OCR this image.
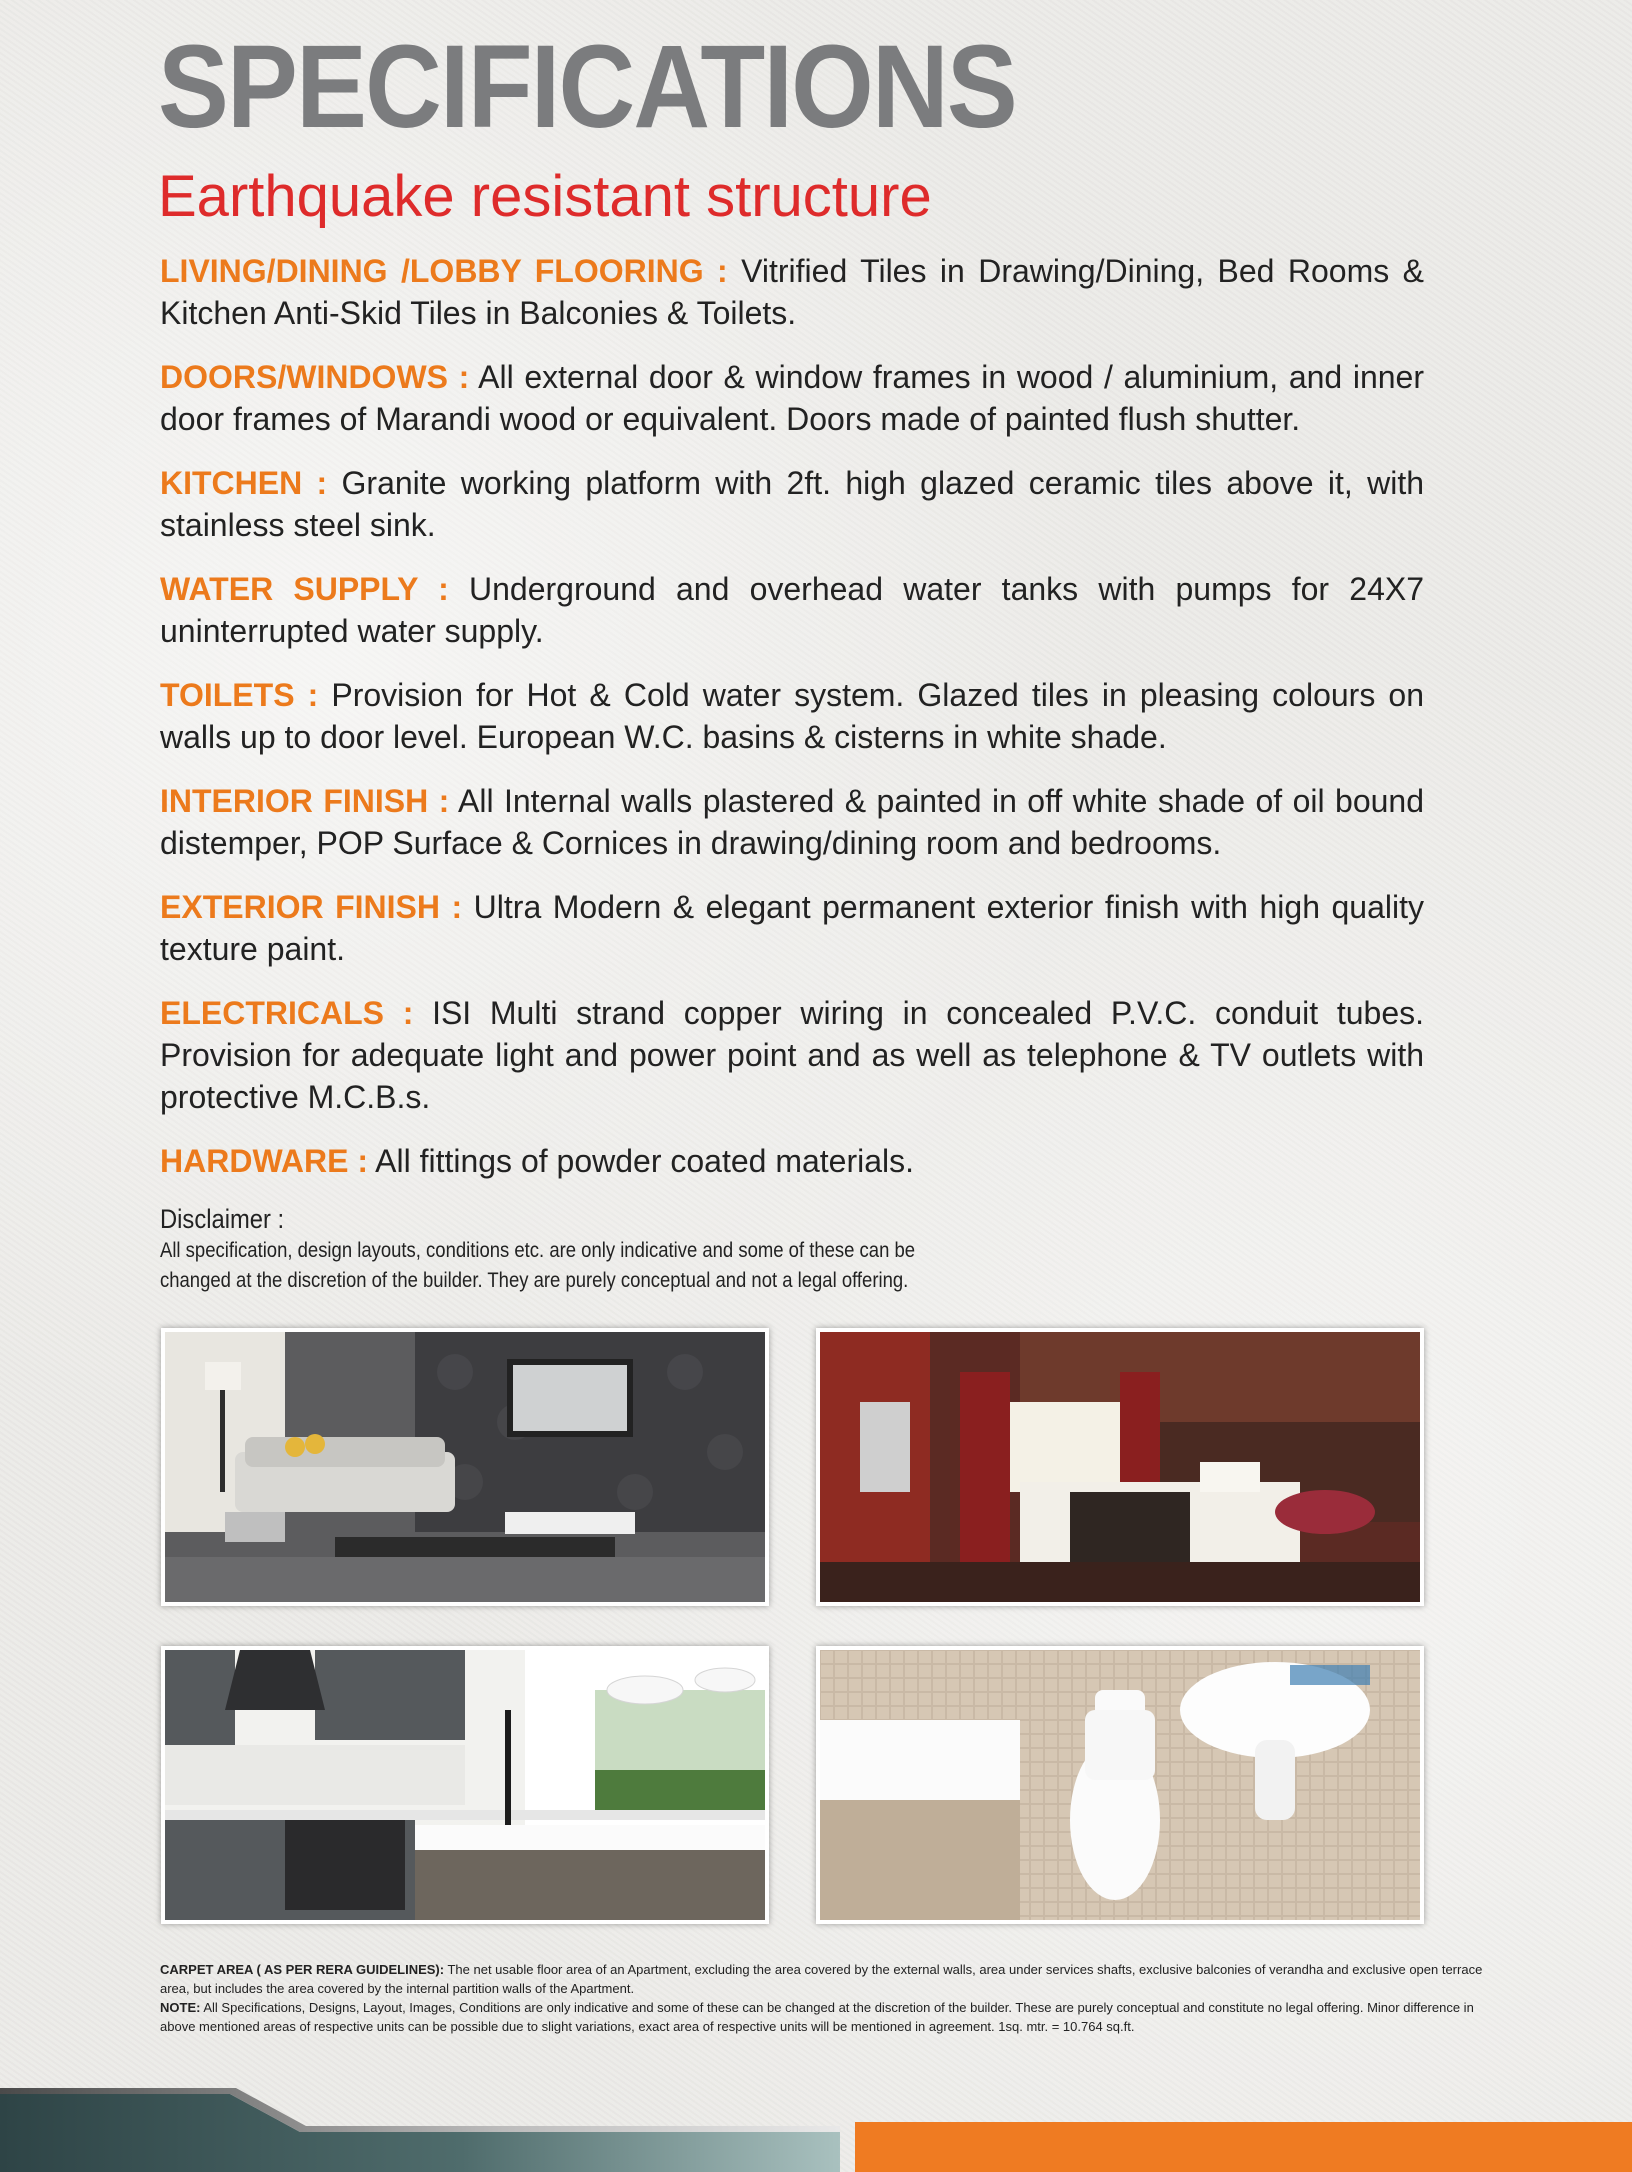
SPECIFICATIONS
Earthquake resistant structure

LIVING/DINING /LOBBY FLOORING : Vitrified Tiles in Drawing/Dining, Bed Rooms & Kitchen Anti-Skid Tiles in Balconies & Toilets.

DOORS/WINDOWS : All external door & window frames in wood / aluminium, and inner door frames of Marandi wood or equivalent. Doors made of painted flush shutter.

KITCHEN : Granite working platform with 2ft. high glazed ceramic tiles above it, with stainless steel sink.

WATER SUPPLY : Underground and overhead water tanks with pumps for 24X7 uninterrupted water supply.

TOILETS : Provision for Hot & Cold water system. Glazed tiles in pleasing colours on walls up to door level. European W.C. basins & cisterns in white shade.

INTERIOR FINISH : All Internal walls plastered & painted in off white shade of oil bound distemper, POP Surface & Cornices in drawing/dining room and bedrooms.

EXTERIOR FINISH : Ultra Modern & elegant permanent exterior finish with high quality texture paint.

ELECTRICALS : ISI Multi strand copper wiring in concealed P.V.C. conduit tubes. Provision for adequate light and power point and as well as telephone & TV outlets with protective M.C.B.s.

HARDWARE : All fittings of powder coated materials.

Disclaimer :
All specification, design layouts, conditions etc. are only indicative and some of these can be
changed at the discretion of the builder. They are purely conceptual and not a legal offering.
CARPET AREA ( AS PER RERA GUIDELINES): The net usable floor area of an Apartment, excluding the area covered by the external walls, area under services shafts, exclusive balconies of verandha and exclusive open terrace area, but includes the area covered by the internal partition walls of the Apartment.
NOTE: All Specifications, Designs, Layout, Images, Conditions are only indicative and some of these can be changed at the discretion of the builder. These are purely conceptual and constitute no legal offering. Minor difference in above mentioned areas of respective units can be possible due to slight variations, exact area of respective units will be mentioned in agreement. 1sq. mtr. = 10.764 sq.ft.
